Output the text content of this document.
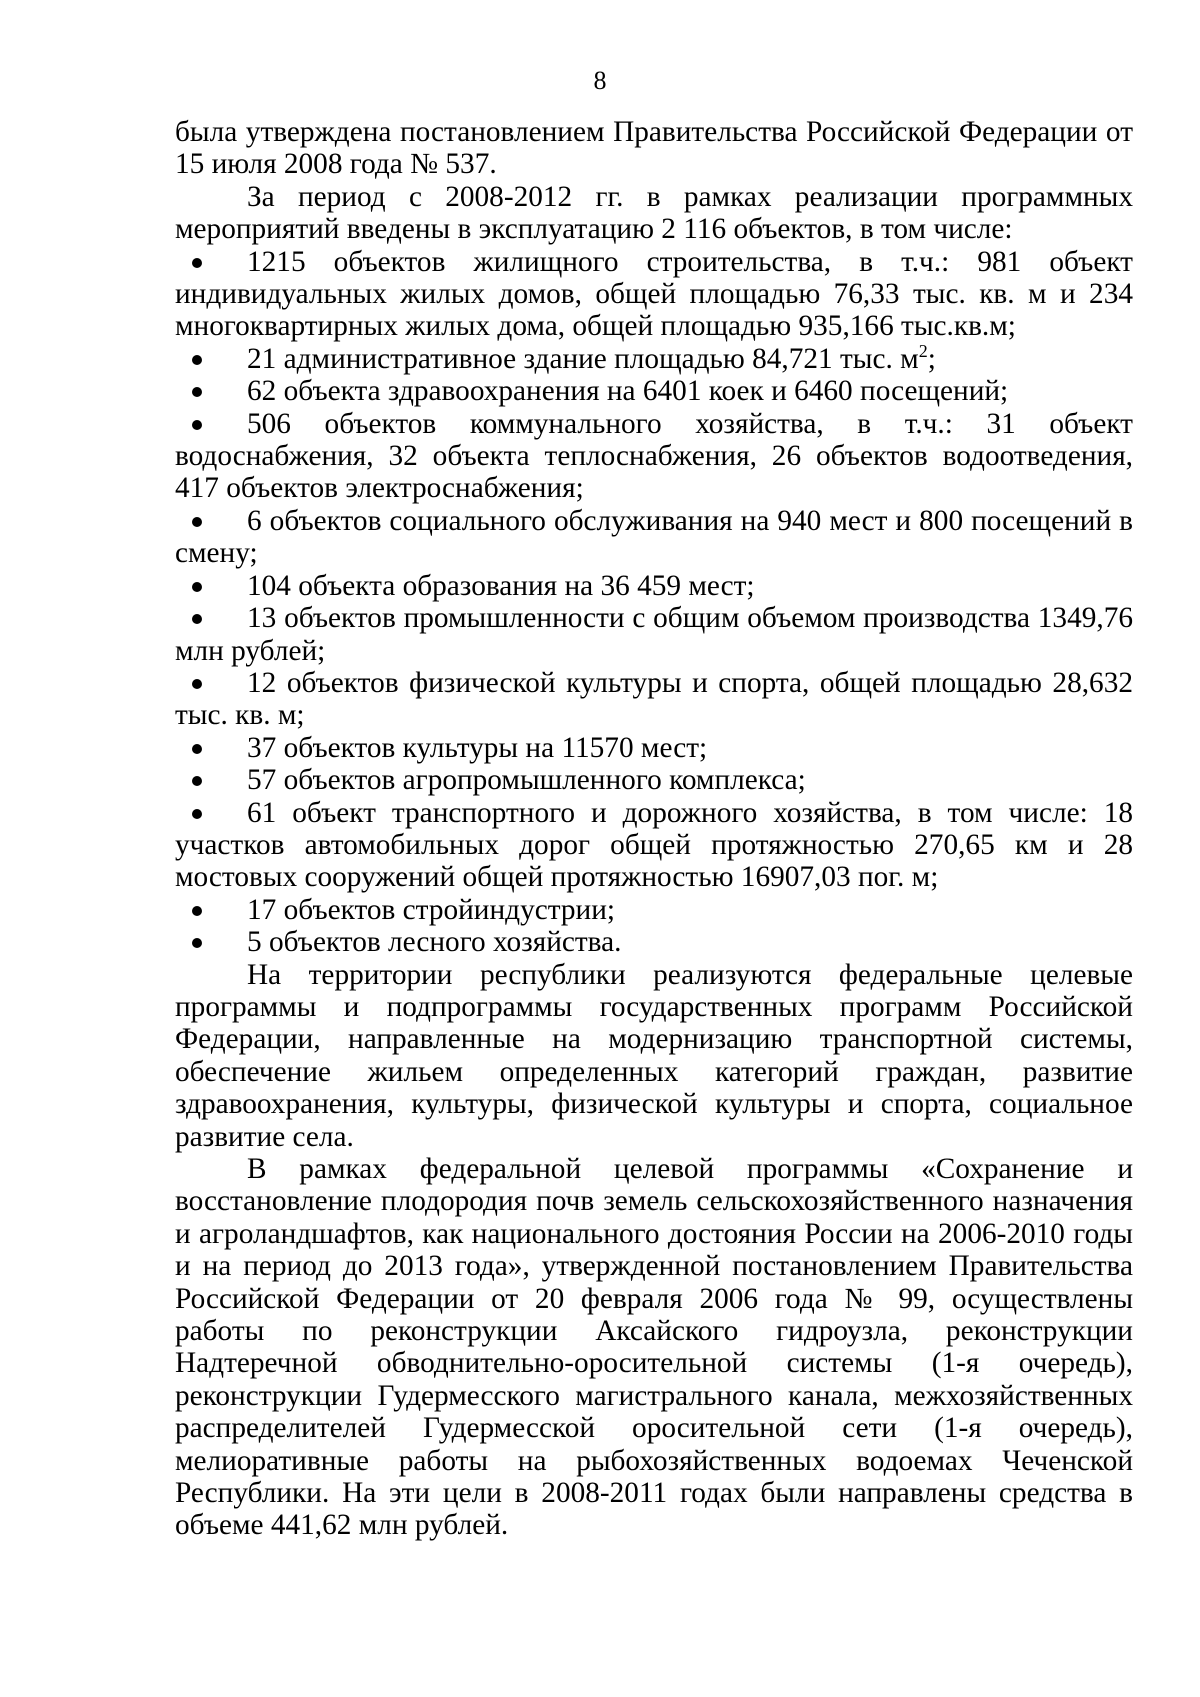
8

была утверждена постановлением Правительства Российской Федерации от 15 июля 2008 года № 537.

За период с 2008-2012 гг. в рамках реализации программных мероприятий введены в эксплуатацию 2 116 объектов, в том числе:

1215 объектов жилищного строительства, в т.ч.: 981 объект индивидуальных жилых домов, общей площадью 76,33 тыс. кв. м и 234 многоквартирных жилых дома, общей площадью 935,166 тыс.кв.м;

21 административное здание площадью 84,721 тыс. $м^2$;

62 объекта здравоохранения на 6401 коек и 6460 посещений;

506 объектов коммунального хозяйства, в т.ч.: 31 объект водоснабжения, 32 объекта теплоснабжения, 26 объектов водоотведения, 417 объектов электроснабжения;

6 объектов социального обслуживания на 940 мест и 800 посещений в смену;

104 объекта образования на 36 459 мест;

13 объектов промышленности с общим объемом производства 1349,76 млн рублей;

12 объектов физической культуры и спорта, общей площадью 28,632 тыс. кв. м;

37 объектов культуры на 11570 мест;

57 объектов агропромышленного комплекса;

61 объект транспортного и дорожного хозяйства, в том числе: 18 участков автомобильных дорог общей протяжностью 270,65 км и 28 мостовых сооружений общей протяжностью 16907,03 пог. м;

17 объектов стройиндустрии;

5 объектов лесного хозяйства.

На территории республики реализуются федеральные целевые программы и подпрограммы государственных программ Российской Федерации, направленные на модернизацию транспортной системы, обеспечение жильем определенных категорий граждан, развитие здравоохранения, культуры, физической культуры и спорта, социальное развитие села.

В рамках федеральной целевой программы «Сохранение и восстановление плодородия почв земель сельскохозяйственного назначения и агроландшафтов, как национального достояния России на 2006-2010 годы и на период до 2013 года», утвержденной постановлением Правительства Российской Федерации от 20 февраля 2006 года № 99, осуществлены работы по реконструкции Аксайского гидроузла, реконструкции Надтеречной обводнительно-оросительной системы (1-я очередь), реконструкции Гудермесского магистрального канала, межхозяйственных распределителей Гудермесской оросительной сети (1-я очередь), мелиоративные работы на рыбохозяйственных водоемах Чеченской Республики. На эти цели в 2008-2011 годах были направлены средства в объеме 441,62 млн рублей.
